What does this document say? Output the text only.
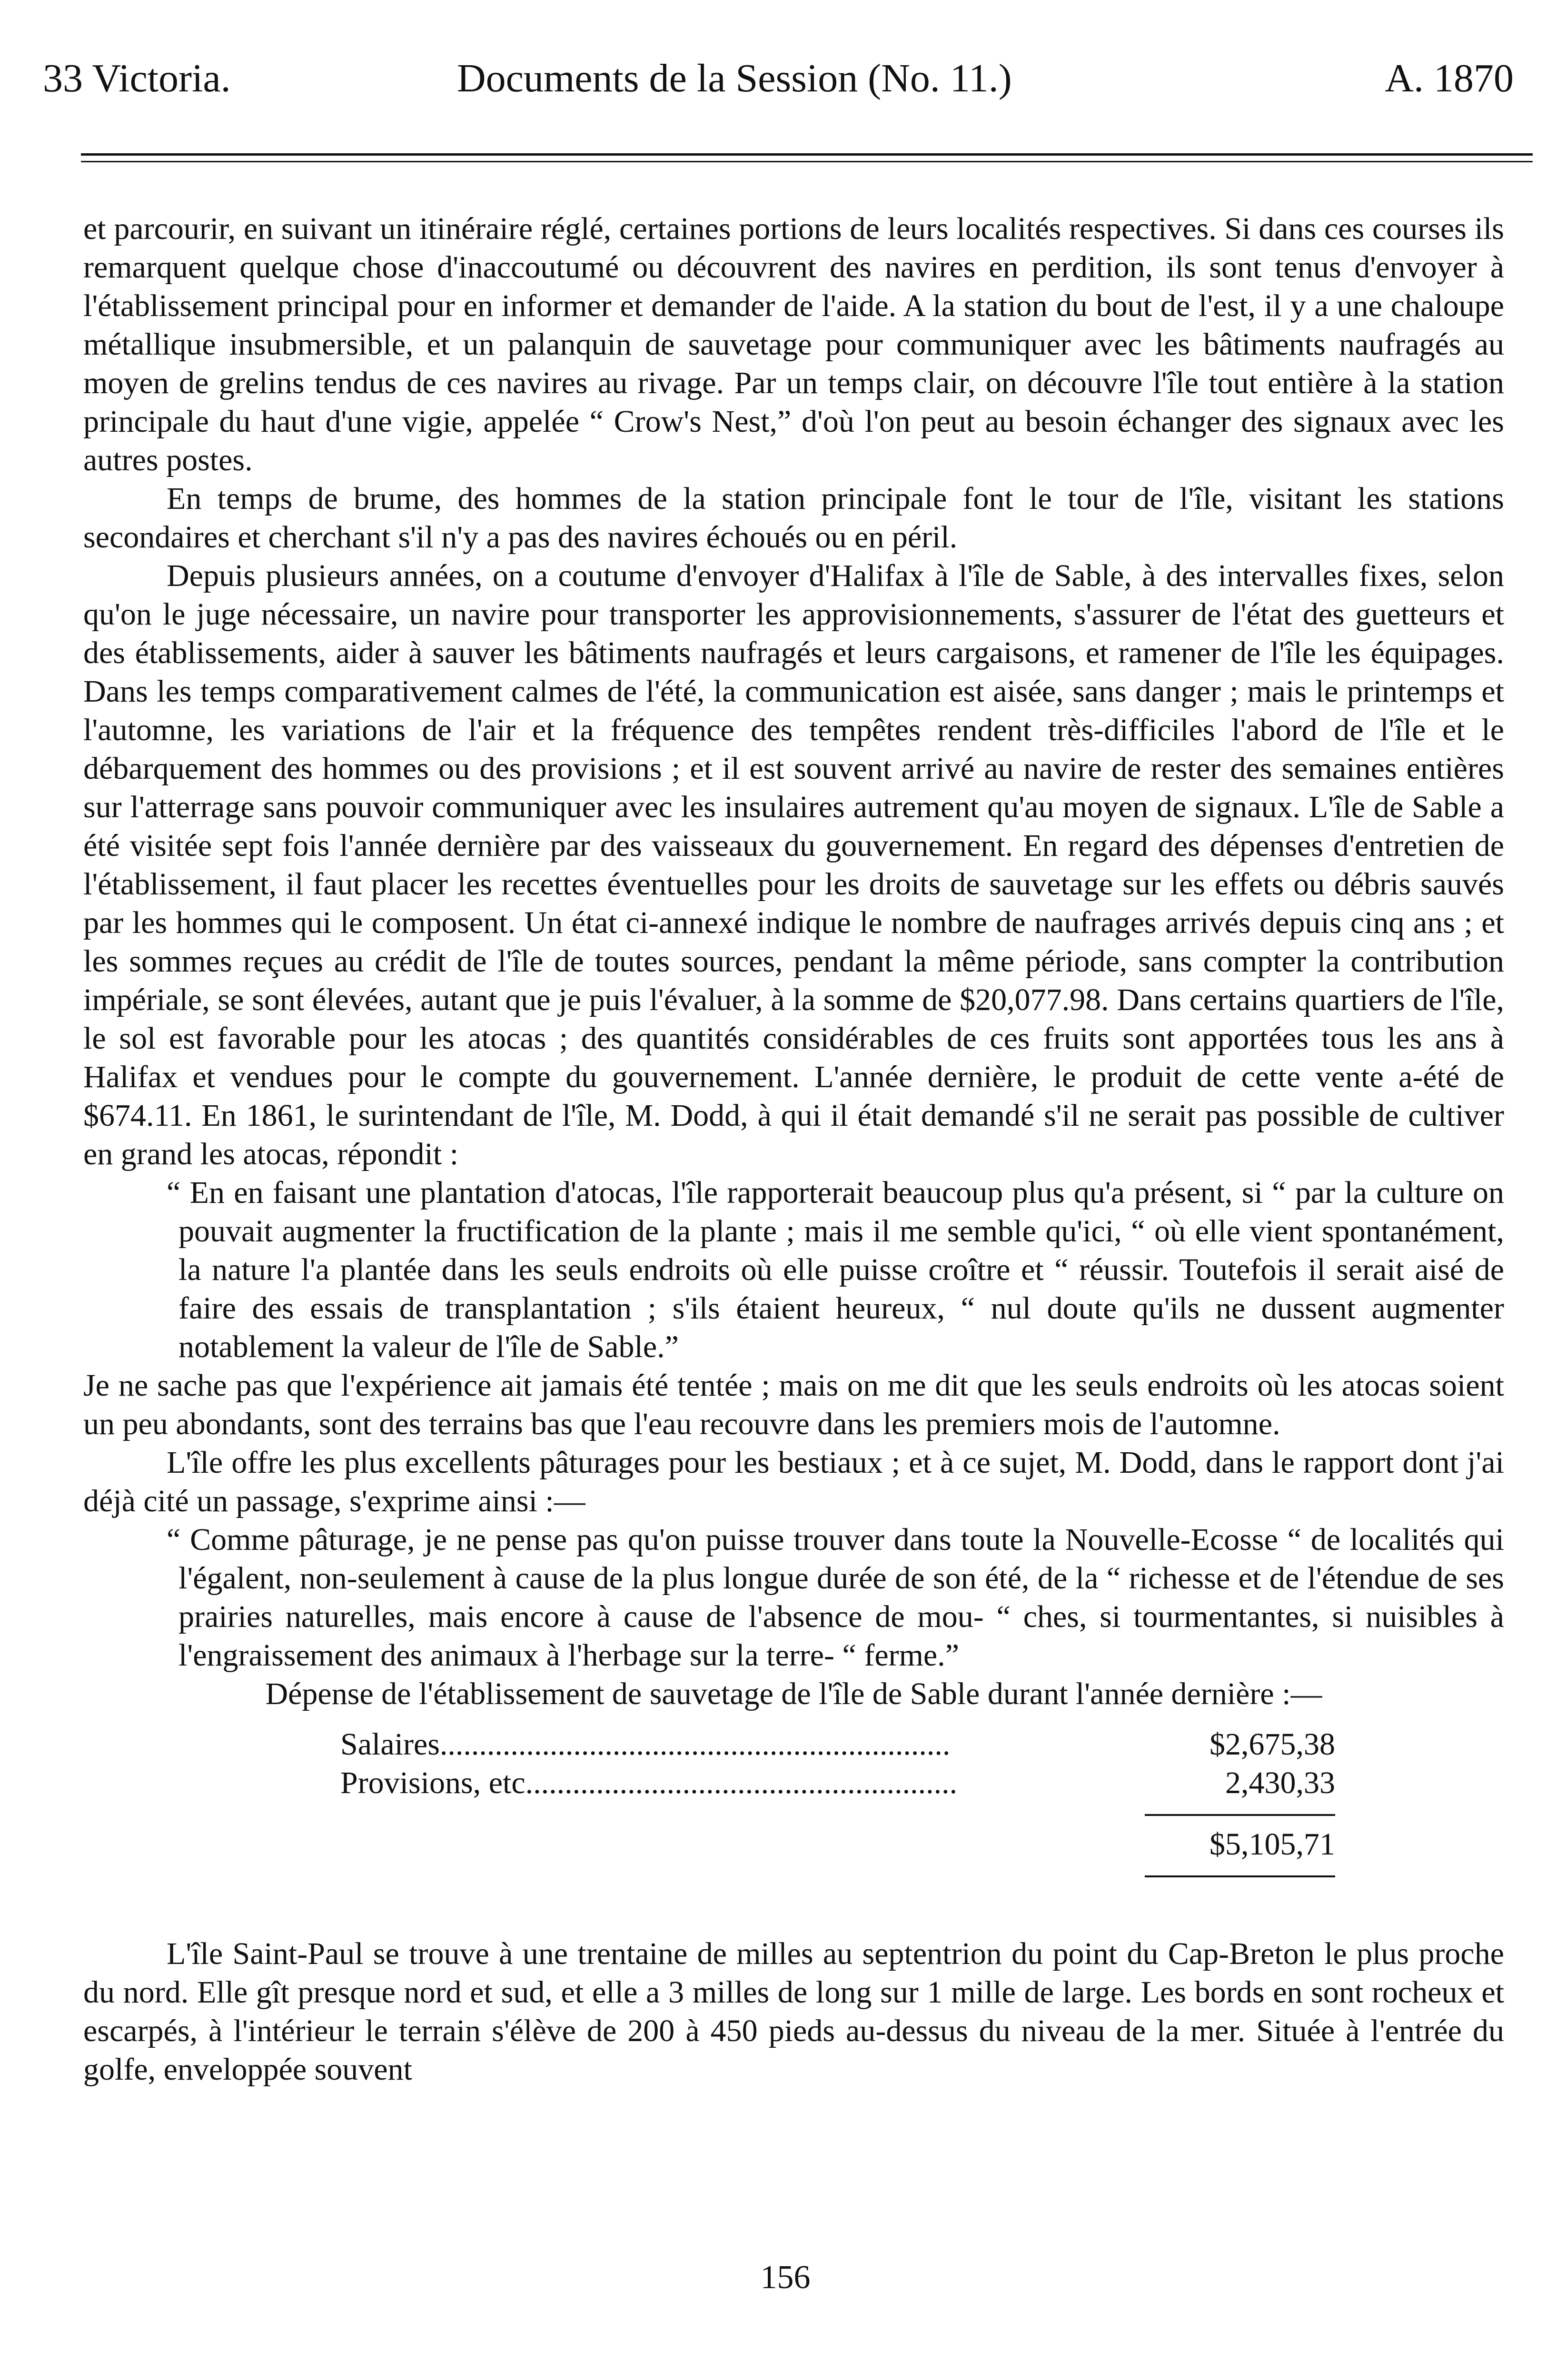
33 Victoria.	Documents de la Session (No. 11.)	A. 1870

et parcourir, en suivant un itinéraire réglé, certaines portions de leurs localités respectives. Si dans ces courses ils remarquent quelque chose d'inaccoutumé ou découvrent des navires en perdition, ils sont tenus d'envoyer à l'établissement principal pour en informer et demander de l'aide. A la station du bout de l'est, il y a une chaloupe métallique insubmersible, et un palanquin de sauvetage pour communiquer avec les bâtiments naufragés au moyen de grelins tendus de ces navires au rivage. Par un temps clair, on découvre l'île tout entière à la station principale du haut d'une vigie, appelée “ Crow's Nest,” d'où l'on peut au besoin échanger des signaux avec les autres postes.

En temps de brume, des hommes de la station principale font le tour de l'île, visitant les stations secondaires et cherchant s'il n'y a pas des navires échoués ou en péril.

Depuis plusieurs années, on a coutume d'envoyer d'Halifax à l'île de Sable, à des intervalles fixes, selon qu'on le juge nécessaire, un navire pour transporter les approvisionnements, s'assurer de l'état des guetteurs et des établissements, aider à sauver les bâtiments naufragés et leurs cargaisons, et ramener de l'île les équipages. Dans les temps comparativement calmes de l'été, la communication est aisée, sans danger ; mais le printemps et l'automne, les variations de l'air et la fréquence des tempêtes rendent très-difficiles l'abord de l'île et le débarquement des hommes ou des provisions ; et il est souvent arrivé au navire de rester des semaines entières sur l'atterrage sans pouvoir communiquer avec les insulaires autrement qu'au moyen de signaux. L'île de Sable a été visitée sept fois l'année dernière par des vaisseaux du gouvernement. En regard des dépenses d'entretien de l'établissement, il faut placer les recettes éventuelles pour les droits de sauvetage sur les effets ou débris sauvés par les hommes qui le composent. Un état ci-annexé indique le nombre de naufrages arrivés depuis cinq ans ; et les sommes reçues au crédit de l'île de toutes sources, pendant la même période, sans compter la contribution impériale, se sont élevées, autant que je puis l'évaluer, à la somme de $20,077.98. Dans certains quartiers de l'île, le sol est favorable pour les atocas ; des quantités considérables de ces fruits sont apportées tous les ans à Halifax et vendues pour le compte du gouvernement. L'année dernière, le produit de cette vente a-été de $674.11. En 1861, le surintendant de l'île, M. Dodd, à qui il était demandé s'il ne serait pas possible de cultiver en grand les atocas, répondit :

“ En en faisant une plantation d'atocas, l'île rapporterait beaucoup plus qu'a présent, si “ par la culture on pouvait augmenter la fructification de la plante ; mais il me semble qu'ici, “ où elle vient spontanément, la nature l'a plantée dans les seuls endroits où elle puisse croître et “ réussir. Toutefois il serait aisé de faire des essais de transplantation ; s'ils étaient heureux, “ nul doute qu'ils ne dussent augmenter notablement la valeur de l'île de Sable.”

Je ne sache pas que l'expérience ait jamais été tentée ; mais on me dit que les seuls endroits où les atocas soient un peu abondants, sont des terrains bas que l'eau recouvre dans les premiers mois de l'automne.

L'île offre les plus excellents pâturages pour les bestiaux ; et à ce sujet, M. Dodd, dans le rapport dont j'ai déjà cité un passage, s'exprime ainsi :—

“ Comme pâturage, je ne pense pas qu'on puisse trouver dans toute la Nouvelle-Ecosse “ de localités qui l'égalent, non-seulement à cause de la plus longue durée de son été, de la “ richesse et de l'étendue de ses prairies naturelles, mais encore à cause de l'absence de mou- “ ches, si tourmentantes, si nuisibles à l'engraissement des animaux à l'herbage sur la terre- “ ferme.”

Dépense de l'établissement de sauvetage de l'île de Sable durant l'année dernière :—

Salaires.................................................................	$2,675,38
Provisions, etc.......................................................	2,430,33
$5,105,71

L'île Saint-Paul se trouve à une trentaine de milles au septentrion du point du Cap-Breton le plus proche du nord. Elle gît presque nord et sud, et elle a 3 milles de long sur 1 mille de large. Les bords en sont rocheux et escarpés, à l'intérieur le terrain s'élève de 200 à 450 pieds au-dessus du niveau de la mer. Située à l'entrée du golfe, enveloppée souvent

156
